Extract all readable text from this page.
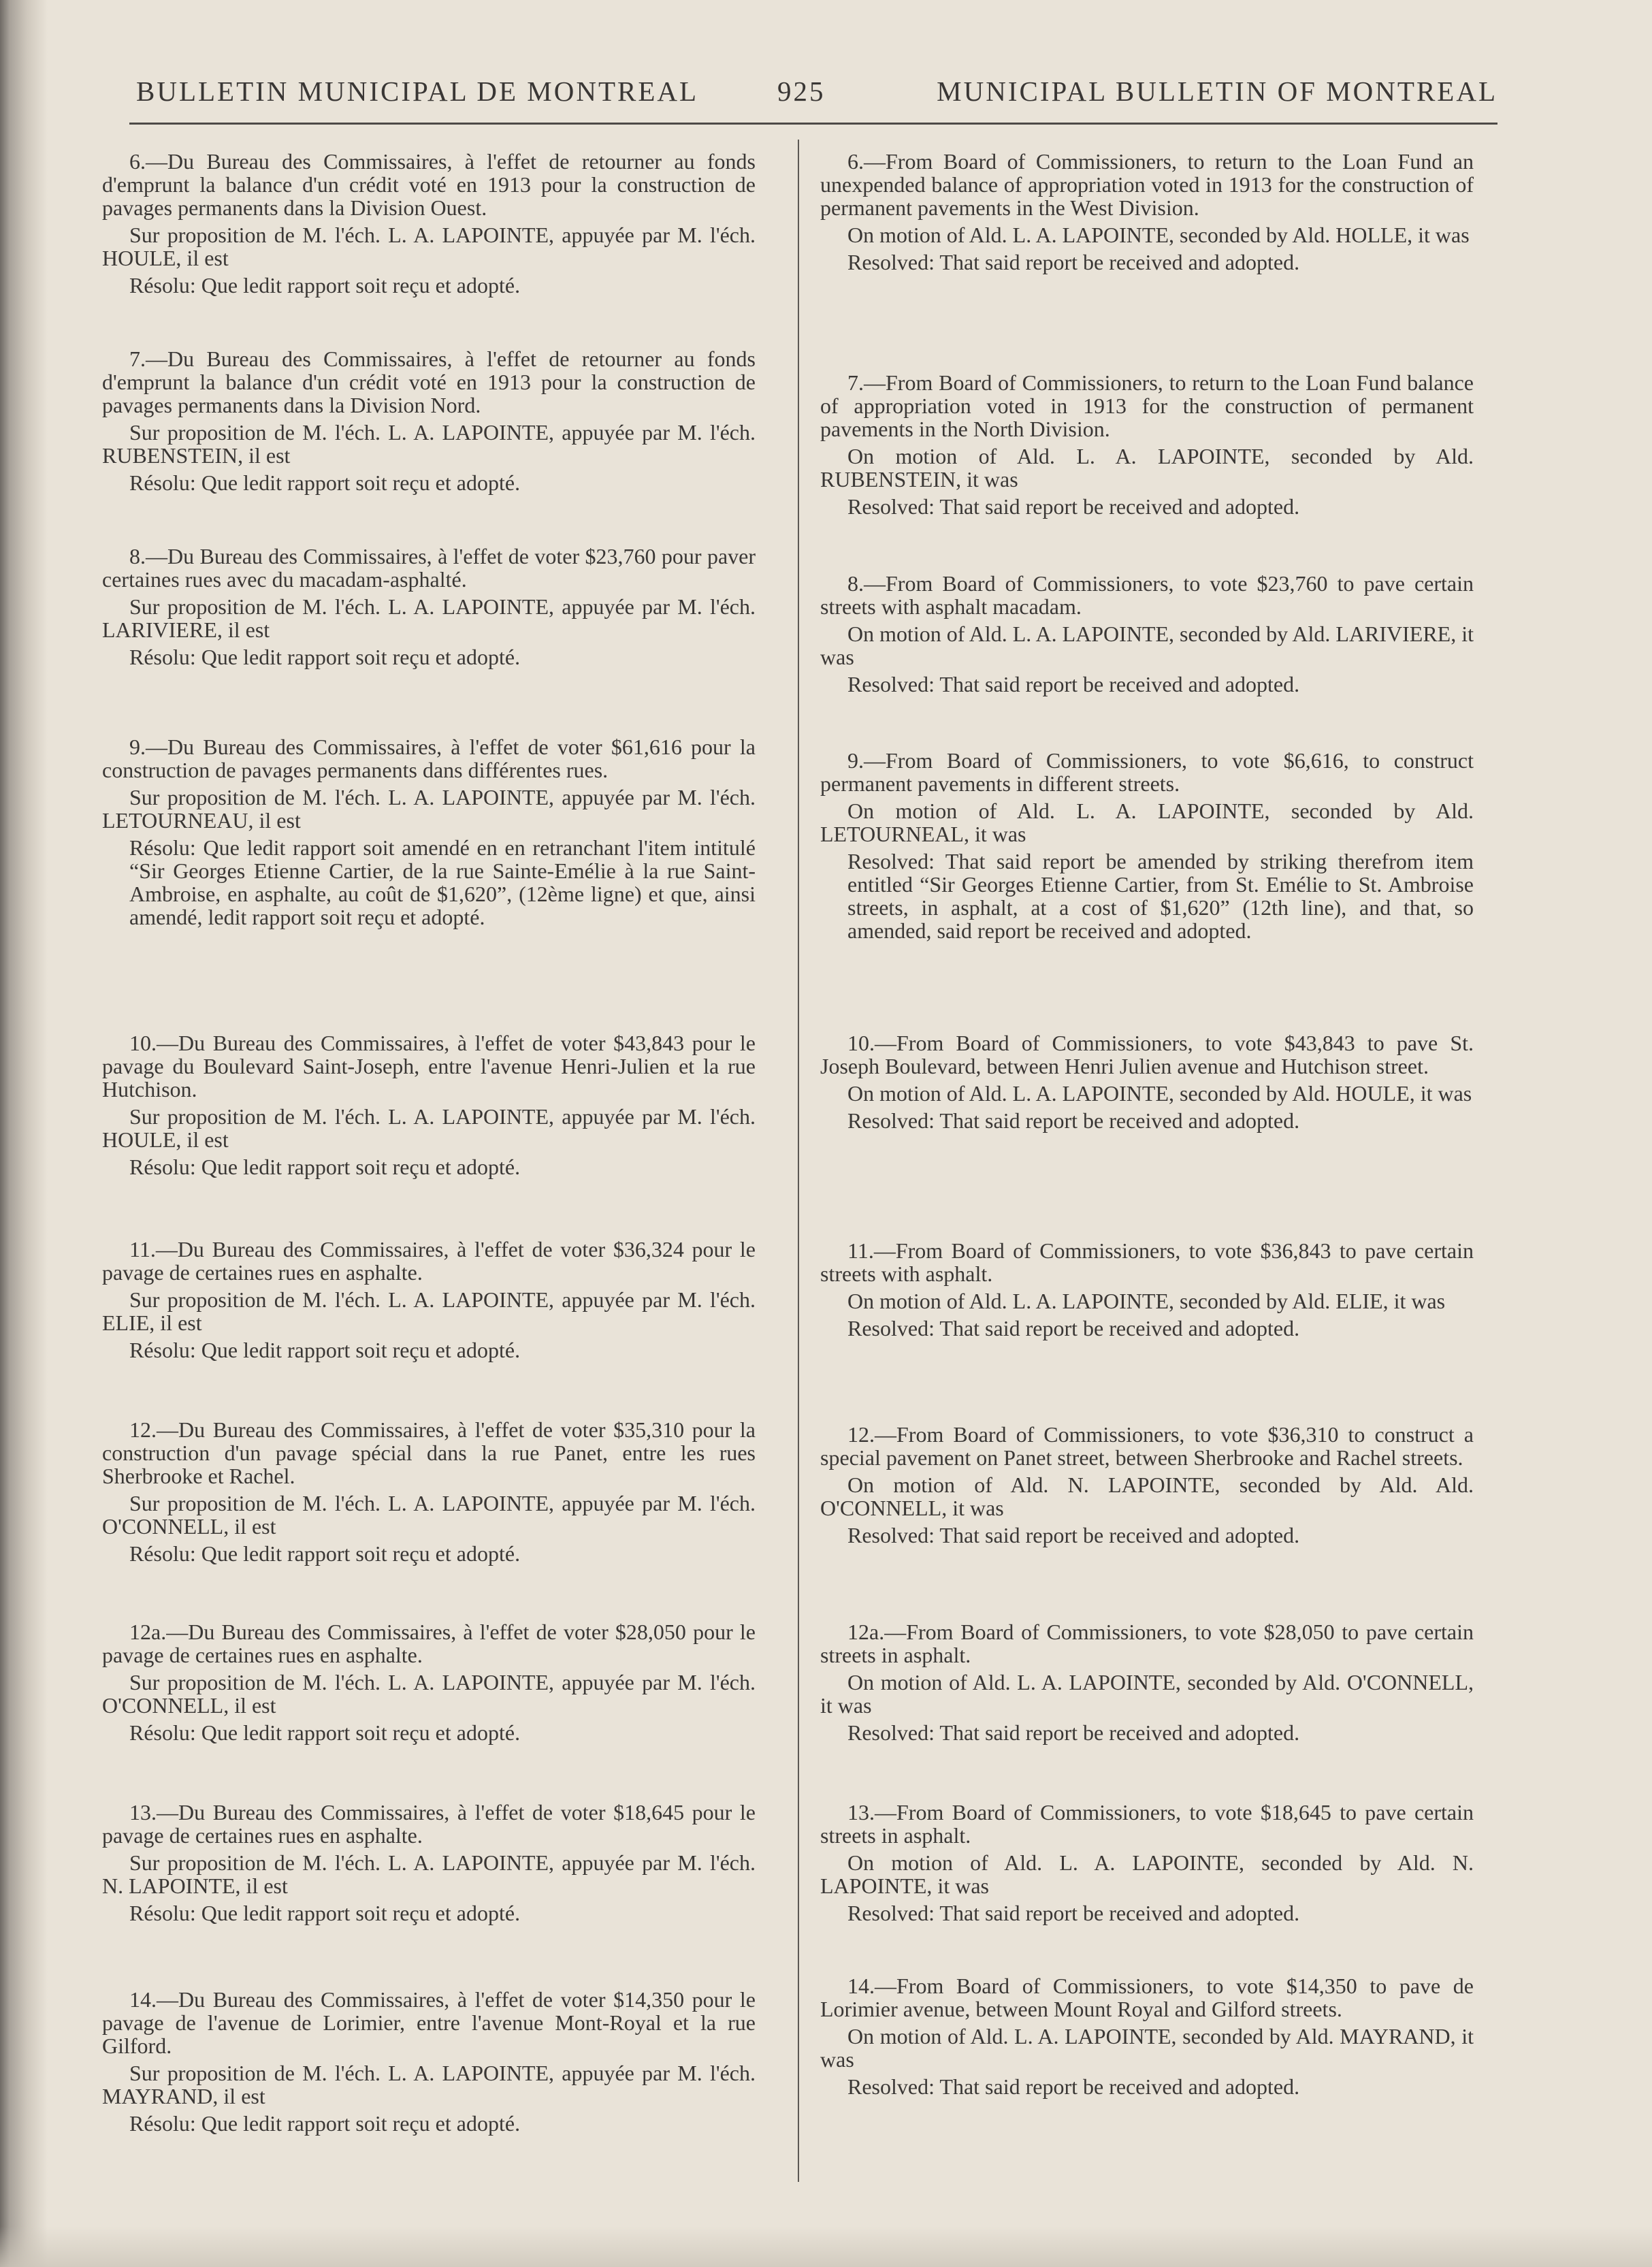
BULLETIN MUNICIPAL DE MONTREAL	925	MUNICIPAL BULLETIN OF MONTREAL

6.—Du Bureau des Commissaires, à l'effet de retourner au fonds d'emprunt la balance d'un crédit voté en 1913 pour la construction de pavages permanents dans la Division Ouest.

Sur proposition de M. l'éch. L. A. LAPOINTE, appuyée par M. l'éch. HOULE, il est

Résolu: Que ledit rapport soit reçu et adopté.

7.—Du Bureau des Commissaires, à l'effet de retourner au fonds d'emprunt la balance d'un crédit voté en 1913 pour la construction de pavages permanents dans la Division Nord.

Sur proposition de M. l'éch. L. A. LAPOINTE, appuyée par M. l'éch. RUBENSTEIN, il est

Résolu: Que ledit rapport soit reçu et adopté.

8.—Du Bureau des Commissaires, à l'effet de voter $23,760 pour paver certaines rues avec du macadam-asphalté.

Sur proposition de M. l'éch. L. A. LAPOINTE, appuyée par M. l'éch. LARIVIERE, il est

Résolu: Que ledit rapport soit reçu et adopté.

9.—Du Bureau des Commissaires, à l'effet de voter $61,616 pour la construction de pavages permanents dans différentes rues.

Sur proposition de M. l'éch. L. A. LAPOINTE, appuyée par M. l'éch. LETOURNEAU, il est

Résolu: Que ledit rapport soit amendé en en retranchant l'item intitulé “Sir Georges Etienne Cartier, de la rue Sainte-Emélie à la rue Saint-Ambroise, en asphalte, au coût de $1,620”, (12ème ligne) et que, ainsi amendé, ledit rapport soit reçu et adopté.

10.—Du Bureau des Commissaires, à l'effet de voter $43,843 pour le pavage du Boulevard Saint-Joseph, entre l'avenue Henri-Julien et la rue Hutchison.

Sur proposition de M. l'éch. L. A. LAPOINTE, appuyée par M. l'éch. HOULE, il est

Résolu: Que ledit rapport soit reçu et adopté.

11.—Du Bureau des Commissaires, à l'effet de voter $36,324 pour le pavage de certaines rues en asphalte.

Sur proposition de M. l'éch. L. A. LAPOINTE, appuyée par M. l'éch. ELIE, il est

Résolu: Que ledit rapport soit reçu et adopté.

12.—Du Bureau des Commissaires, à l'effet de voter $35,310 pour la construction d'un pavage spécial dans la rue Panet, entre les rues Sherbrooke et Rachel.

Sur proposition de M. l'éch. L. A. LAPOINTE, appuyée par M. l'éch. O'CONNELL, il est

Résolu: Que ledit rapport soit reçu et adopté.

12a.—Du Bureau des Commissaires, à l'effet de voter $28,050 pour le pavage de certaines rues en asphalte.

Sur proposition de M. l'éch. L. A. LAPOINTE, appuyée par M. l'éch. O'CONNELL, il est

Résolu: Que ledit rapport soit reçu et adopté.

13.—Du Bureau des Commissaires, à l'effet de voter $18,645 pour le pavage de certaines rues en asphalte.

Sur proposition de M. l'éch. L. A. LAPOINTE, appuyée par M. l'éch. N. LAPOINTE, il est

Résolu: Que ledit rapport soit reçu et adopté.

14.—Du Bureau des Commissaires, à l'effet de voter $14,350 pour le pavage de l'avenue de Lorimier, entre l'avenue Mont-Royal et la rue Gilford.

Sur proposition de M. l'éch. L. A. LAPOINTE, appuyée par M. l'éch. MAYRAND, il est

Résolu: Que ledit rapport soit reçu et adopté.

6.—From Board of Commissioners, to return to the Loan Fund an unexpended balance of appropriation voted in 1913 for the construction of permanent pavements in the West Division.

On motion of Ald. L. A. LAPOINTE, seconded by Ald. HOLLE, it was

Resolved: That said report be received and adopted.

7.—From Board of Commissioners, to return to the Loan Fund balance of appropriation voted in 1913 for the construction of permanent pavements in the North Division.

On motion of Ald. L. A. LAPOINTE, seconded by Ald. RUBENSTEIN, it was

Resolved: That said report be received and adopted.

8.—From Board of Commissioners, to vote $23,760 to pave certain streets with asphalt macadam.

On motion of Ald. L. A. LAPOINTE, seconded by Ald. LARIVIERE, it was

Resolved: That said report be received and adopted.

9.—From Board of Commissioners, to vote $6,616, to construct permanent pavements in different streets.

On motion of Ald. L. A. LAPOINTE, seconded by Ald. LETOURNEAL, it was

Resolved: That said report be amended by striking therefrom item entitled “Sir Georges Etienne Cartier, from St. Emélie to St. Ambroise streets, in asphalt, at a cost of $1,620” (12th line), and that, so amended, said report be received and adopted.

10.—From Board of Commissioners, to vote $43,843 to pave St. Joseph Boulevard, between Henri Julien avenue and Hutchison street.

On motion of Ald. L. A. LAPOINTE, seconded by Ald. HOULE, it was

Resolved: That said report be received and adopted.

11.—From Board of Commissioners, to vote $36,843 to pave certain streets with asphalt.

On motion of Ald. L. A. LAPOINTE, seconded by Ald. ELIE, it was

Resolved: That said report be received and adopted.

12.—From Board of Commissioners, to vote $36,310 to construct a special pavement on Panet street, between Sherbrooke and Rachel streets.

On motion of Ald. N. LAPOINTE, seconded by Ald. Ald. O'CONNELL, it was

Resolved: That said report be received and adopted.

12a.—From Board of Commissioners, to vote $28,050 to pave certain streets in asphalt.

On motion of Ald. L. A. LAPOINTE, seconded by Ald. O'CONNELL, it was

Resolved: That said report be received and adopted.

13.—From Board of Commissioners, to vote $18,645 to pave certain streets in asphalt.

On motion of Ald. L. A. LAPOINTE, seconded by Ald. N. LAPOINTE, it was

Resolved: That said report be received and adopted.

14.—From Board of Commissioners, to vote $14,350 to pave de Lorimier avenue, between Mount Royal and Gilford streets.

On motion of Ald. L. A. LAPOINTE, seconded by Ald. MAYRAND, it was

Resolved: That said report be received and adopted.
